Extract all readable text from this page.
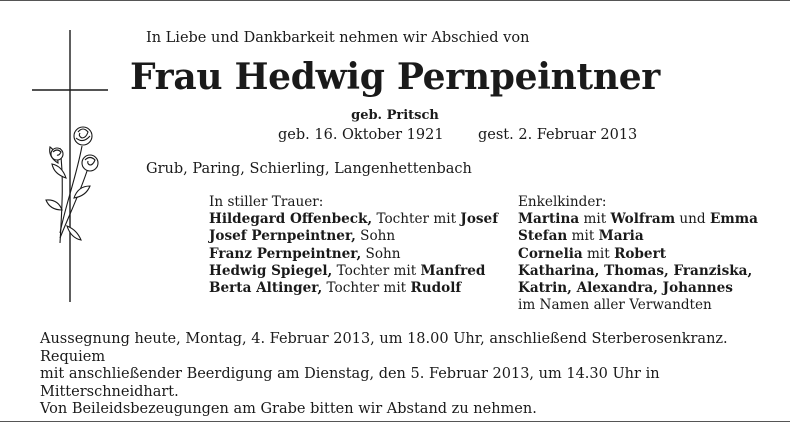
In Liebe und Dankbarkeit nehmen wir Abschied von
Frau Hedwig Pernpeintner
geb. Pritsch
geb. 16. Oktober 1921 gest. 2. Februar 2013
Grub, Paring, Schierling, Langenhettenbach
In stiller Trauer:
Hildegard Offenbeck, Tochter mit Josef
Josef Pernpeintner, Sohn
Franz Pernpeintner, Sohn
Hedwig Spiegel, Tochter mit Manfred
Berta Altinger, Tochter mit Rudolf
Enkelkinder:
Martina mit Wolfram und Emma
Stefan mit Maria
Cornelia mit Robert
Katharina, Thomas, Franziska,
Katrin, Alexandra, Johannes
im Namen aller Verwandten
Aussegnung heute, Montag, 4. Februar 2013, um 18.00 Uhr, anschließend Sterberosenkranz. Requiem
mit anschließender Beerdigung am Dienstag, den 5. Februar 2013, um 14.30 Uhr in Mitterschneidhart.
Von Beileidsbezeugungen am Grabe bitten wir Abstand zu nehmen.
